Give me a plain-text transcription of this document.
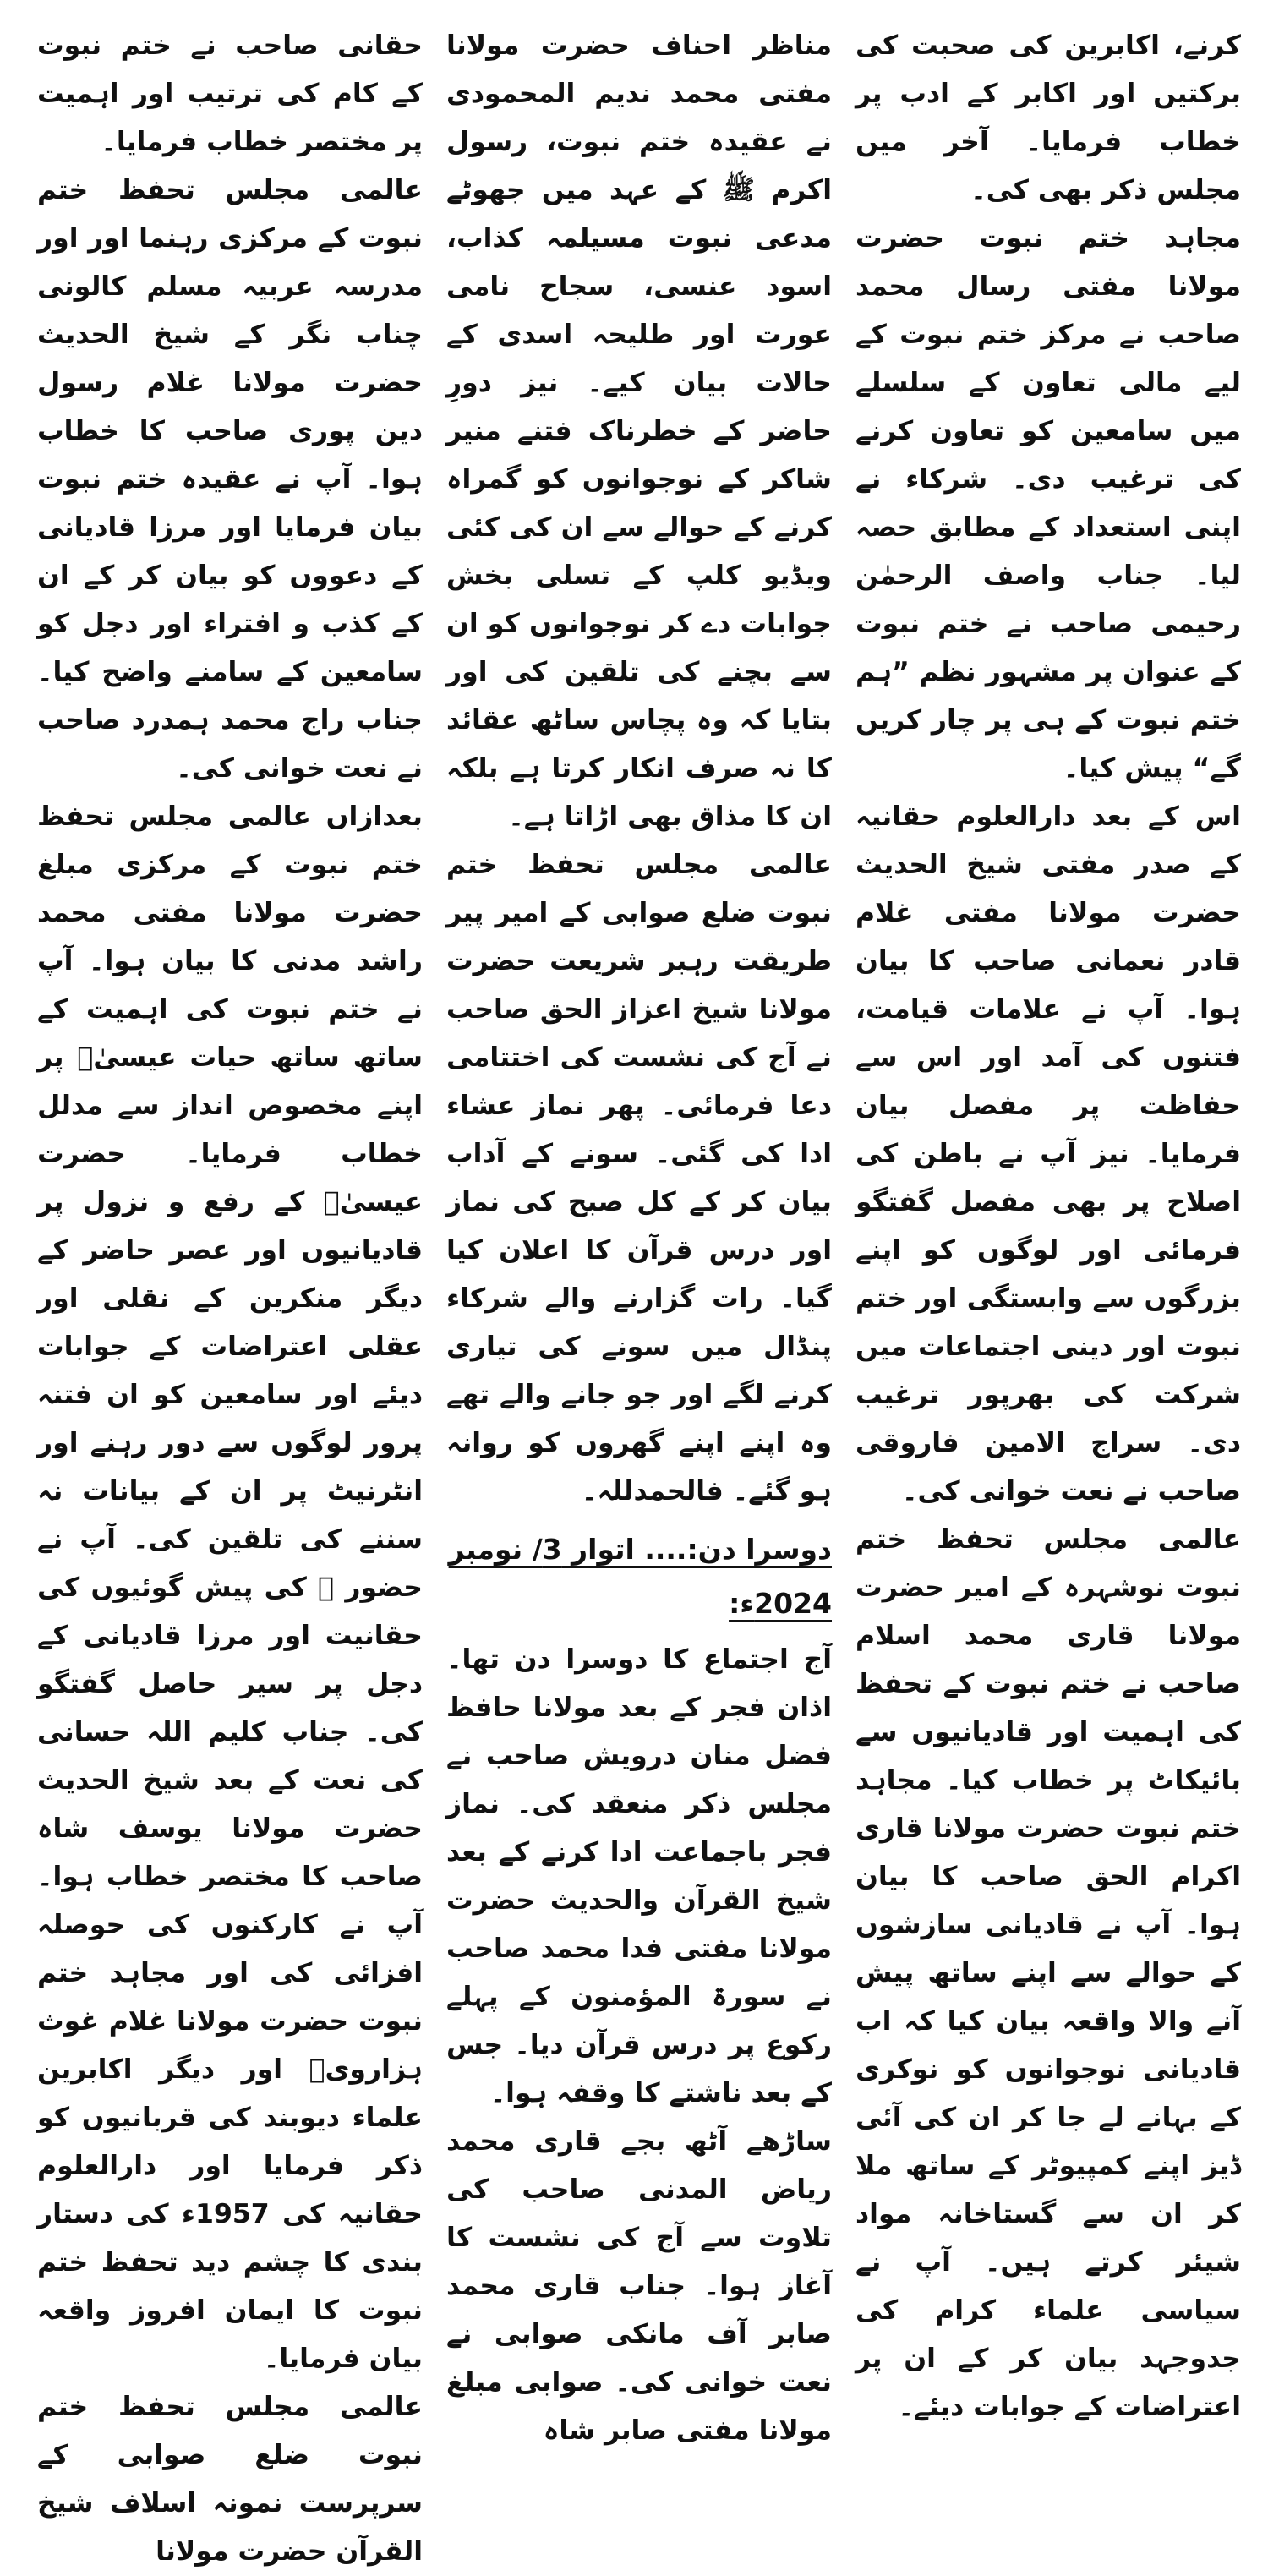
کرنے، اکابرین کی صحبت کی برکتیں اور اکابر کے ادب پر خطاب فرمایا۔ آخر میں مجلس ذکر بھی کی۔

مجاہد ختم نبوت حضرت مولانا مفتی رسال محمد صاحب نے مرکز ختم نبوت کے لیے مالی تعاون کے سلسلے میں سامعین کو تعاون کرنے کی ترغیب دی۔ شرکاء نے اپنی استعداد کے مطابق حصہ لیا۔ جناب واصف الرحمٰن رحیمی صاحب نے ختم نبوت کے عنوان پر مشہور نظم ”ہم ختم نبوت کے ہی پر چار کریں گے“ پیش کیا۔

اس کے بعد دارالعلوم حقانیہ کے صدر مفتی شیخ الحدیث حضرت مولانا مفتی غلام قادر نعمانی صاحب کا بیان ہوا۔ آپ نے علامات قیامت، فتنوں کی آمد اور اس سے حفاظت پر مفصل بیان فرمایا۔ نیز آپ نے باطن کی اصلاح پر بھی مفصل گفتگو فرمائی اور لوگوں کو اپنے بزرگوں سے وابستگی اور ختم نبوت اور دینی اجتماعات میں شرکت کی بھرپور ترغیب دی۔ سراج الامین فاروقی صاحب نے نعت خوانی کی۔

عالمی مجلس تحفظ ختم نبوت نوشہرہ کے امیر حضرت مولانا قاری محمد اسلام صاحب نے ختم نبوت کے تحفظ کی اہمیت اور قادیانیوں سے بائیکاٹ پر خطاب کیا۔ مجاہد ختم نبوت حضرت مولانا قاری اکرام الحق صاحب کا بیان ہوا۔ آپ نے قادیانی سازشوں کے حوالے سے اپنے ساتھ پیش آنے والا واقعہ بیان کیا کہ اب قادیانی نوجوانوں کو نوکری کے بہانے لے جا کر ان کی آئی ڈیز اپنے کمپیوٹر کے ساتھ ملا کر ان سے گستاخانہ مواد شیئر کرتے ہیں۔ آپ نے سیاسی علماء کرام کی جدوجہد بیان کر کے ان پر اعتراضات کے جوابات دیئے۔

مناظر احناف حضرت مولانا مفتی محمد ندیم المحمودی نے عقیدہ ختم نبوت، رسول اکرم ﷺ کے عہد میں جھوٹے مدعی نبوت مسیلمہ کذاب، اسود عنسی، سجاح نامی عورت اور طلیحہ اسدی کے حالات بیان کیے۔ نیز دورِ حاضر کے خطرناک فتنے منیر شاکر کے نوجوانوں کو گمراہ کرنے کے حوالے سے ان کی کئی ویڈیو کلپ کے تسلی بخش جوابات دے کر نوجوانوں کو ان سے بچنے کی تلقین کی اور بتایا کہ وہ پچاس ساٹھ عقائد کا نہ صرف انکار کرتا ہے بلکہ ان کا مذاق بھی اڑاتا ہے۔

عالمی مجلس تحفظ ختم نبوت ضلع صوابی کے امیر پیر طریقت رہبر شریعت حضرت مولانا شیخ اعزاز الحق صاحب نے آج کی نشست کی اختتامی دعا فرمائی۔ پھر نماز عشاء ادا کی گئی۔ سونے کے آداب بیان کر کے کل صبح کی نماز اور درس قرآن کا اعلان کیا گیا۔ رات گزارنے والے شرکاء پنڈال میں سونے کی تیاری کرنے لگے اور جو جانے والے تھے وہ اپنے اپنے گھروں کو روانہ ہو گئے۔ فالحمدللہ۔

دوسرا دن:.... اتوار 3/ نومبر 2024ء:

آج اجتماع کا دوسرا دن تھا۔ اذان فجر کے بعد مولانا حافظ فضل منان درویش صاحب نے مجلس ذکر منعقد کی۔ نماز فجر باجماعت ادا کرنے کے بعد شیخ القرآن والحدیث حضرت مولانا مفتی فدا محمد صاحب نے سورۃ المؤمنون کے پہلے رکوع پر درس قرآن دیا۔ جس کے بعد ناشتے کا وقفہ ہوا۔

ساڑھے آٹھ بجے قاری محمد ریاض المدنی صاحب کی تلاوت سے آج کی نشست کا آغاز ہوا۔ جناب قاری محمد صابر آف مانکی صوابی نے نعت خوانی کی۔ صوابی مبلغ مولانا مفتی صابر شاہ

حقانی صاحب نے ختم نبوت کے کام کی ترتیب اور اہمیت پر مختصر خطاب فرمایا۔

عالمی مجلس تحفظ ختم نبوت کے مرکزی رہنما اور اور مدرسہ عربیہ مسلم کالونی چناب نگر کے شیخ الحدیث حضرت مولانا غلام رسول دین پوری صاحب کا خطاب ہوا۔ آپ نے عقیدہ ختم نبوت بیان فرمایا اور مرزا قادیانی کے دعووں کو بیان کر کے ان کے کذب و افتراء اور دجل کو سامعین کے سامنے واضح کیا۔ جناب راج محمد ہمدرد صاحب نے نعت خوانی کی۔

بعدازاں عالمی مجلس تحفظ ختم نبوت کے مرکزی مبلغ حضرت مولانا مفتی محمد راشد مدنی کا بیان ہوا۔ آپ نے ختم نبوت کی اہمیت کے ساتھ ساتھ حیات عیسیٰؑ پر اپنے مخصوص انداز سے مدلل خطاب فرمایا۔ حضرت عیسیٰؑ کے رفع و نزول پر قادیانیوں اور عصر حاضر کے دیگر منکرین کے نقلی اور عقلی اعتراضات کے جوابات دیئے اور سامعین کو ان فتنہ پرور لوگوں سے دور رہنے اور انٹرنیٹ پر ان کے بیانات نہ سننے کی تلقین کی۔ آپ نے حضور ﷺ کی پیش گوئیوں کی حقانیت اور مرزا قادیانی کے دجل پر سیر حاصل گفتگو کی۔ جناب کلیم اللہ حسانی کی نعت کے بعد شیخ الحدیث حضرت مولانا یوسف شاہ صاحب کا مختصر خطاب ہوا۔ آپ نے کارکنوں کی حوصلہ افزائی کی اور مجاہد ختم نبوت حضرت مولانا غلام غوث ہزارویؒ اور دیگر اکابرین علماء دیوبند کی قربانیوں کو ذکر فرمایا اور دارالعلوم حقانیہ کی 1957ء کی دستار بندی کا چشم دید تحفظ ختم نبوت کا ایمان افروز واقعہ بیان فرمایا۔

عالمی مجلس تحفظ ختم نبوت ضلع صوابی کے سرپرست نمونہ اسلاف شیخ القرآن حضرت مولانا
